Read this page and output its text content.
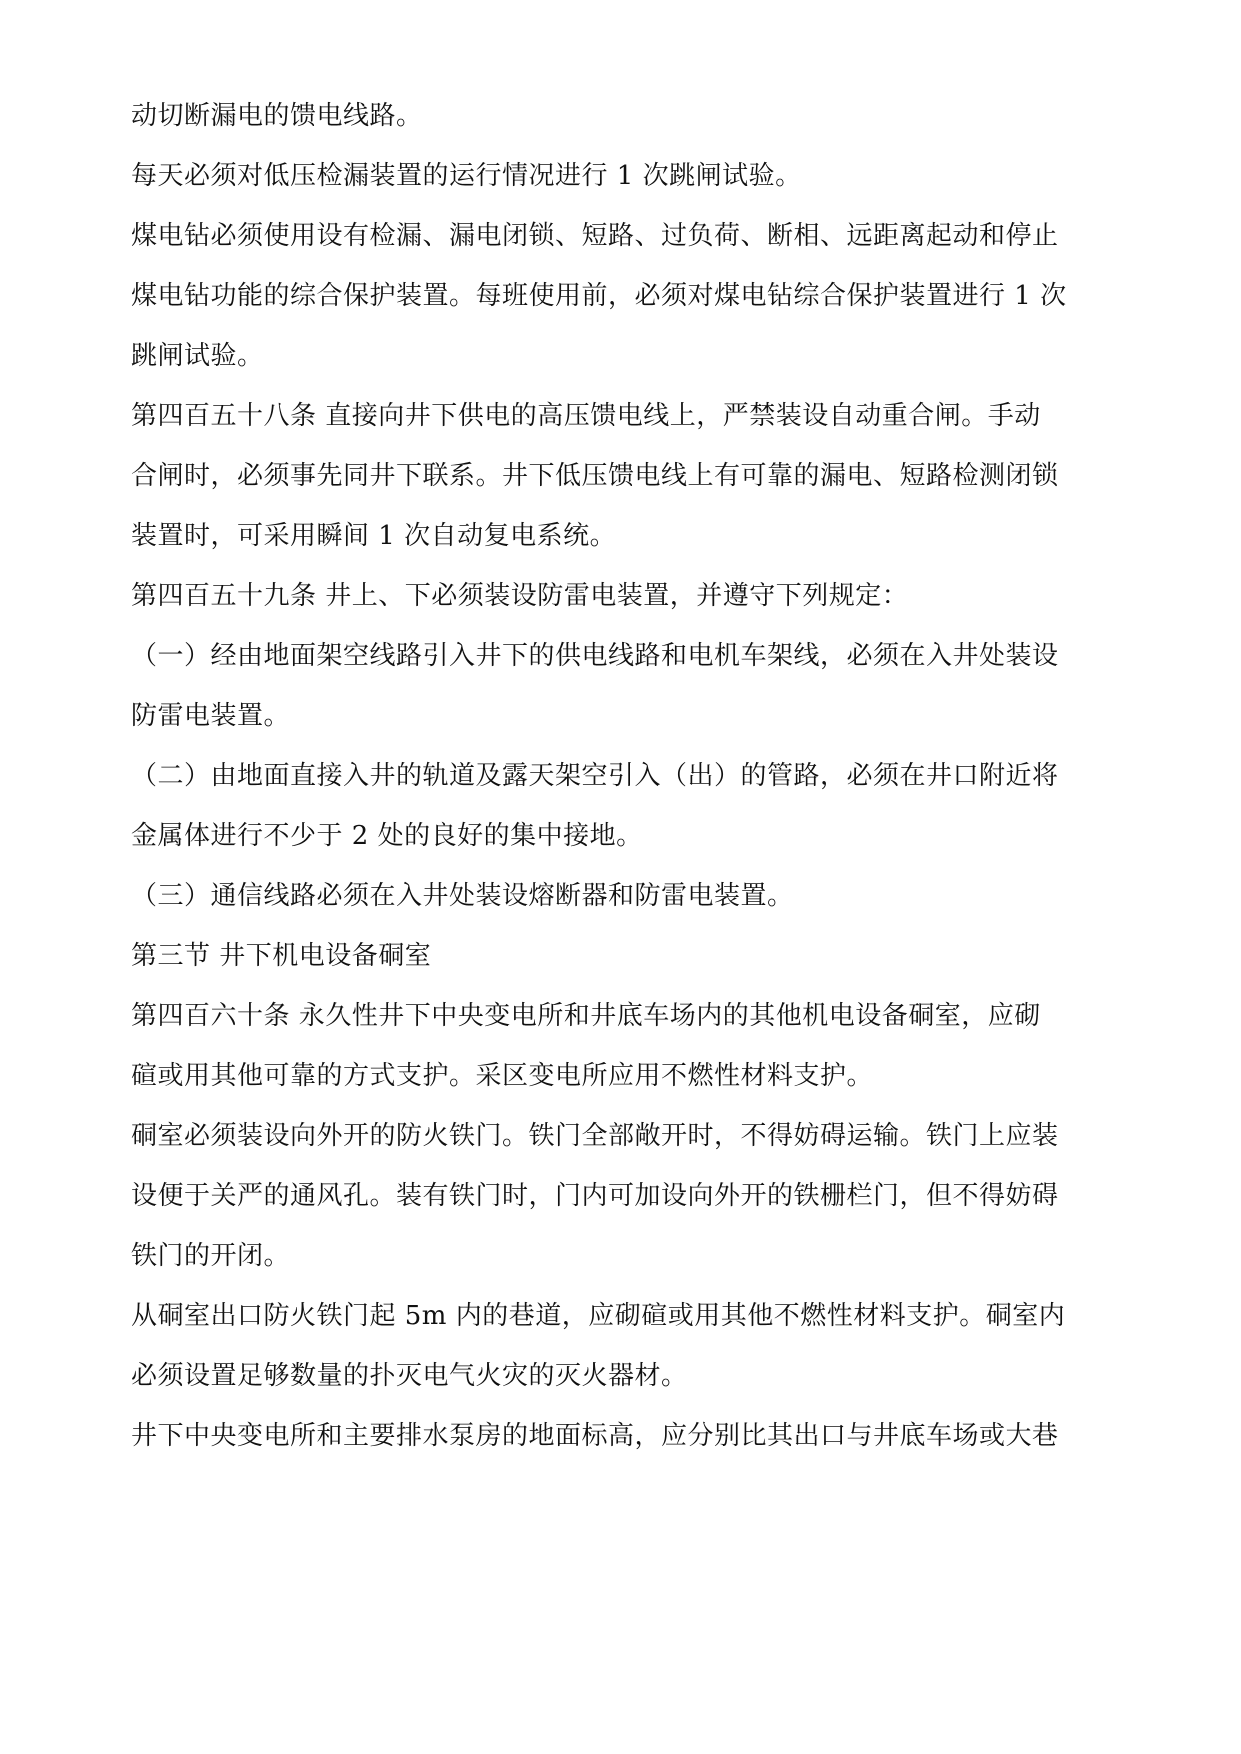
动切断漏电的馈电线路。
每天必须对低压检漏装置的运行情况进行 1 次跳闸试验。
煤电钻必须使用设有检漏、漏电闭锁、短路、过负荷、断相、远距离起动和停止
煤电钻功能的综合保护装置。每班使用前，必须对煤电钻综合保护装置进行 1 次
跳闸试验。
第四百五十八条 直接向井下供电的高压馈电线上，严禁装设自动重合闸。手动
合闸时，必须事先同井下联系。井下低压馈电线上有可靠的漏电、短路检测闭锁
装置时，可采用瞬间 1 次自动复电系统。
第四百五十九条 井上、下必须装设防雷电装置，并遵守下列规定：
（一）经由地面架空线路引入井下的供电线路和电机车架线，必须在入井处装设
防雷电装置。
（二）由地面直接入井的轨道及露天架空引入（出）的管路，必须在井口附近将
金属体进行不少于 2 处的良好的集中接地。
（三）通信线路必须在入井处装设熔断器和防雷电装置。
第三节 井下机电设备硐室
第四百六十条 永久性井下中央变电所和井底车场内的其他机电设备硐室，应砌
碹或用其他可靠的方式支护。采区变电所应用不燃性材料支护。
硐室必须装设向外开的防火铁门。铁门全部敞开时，不得妨碍运输。铁门上应装
设便于关严的通风孔。装有铁门时，门内可加设向外开的铁栅栏门，但不得妨碍
铁门的开闭。
从硐室出口防火铁门起 5m 内的巷道，应砌碹或用其他不燃性材料支护。硐室内
必须设置足够数量的扑灭电气火灾的灭火器材。
井下中央变电所和主要排水泵房的地面标高，应分别比其出口与井底车场或大巷
